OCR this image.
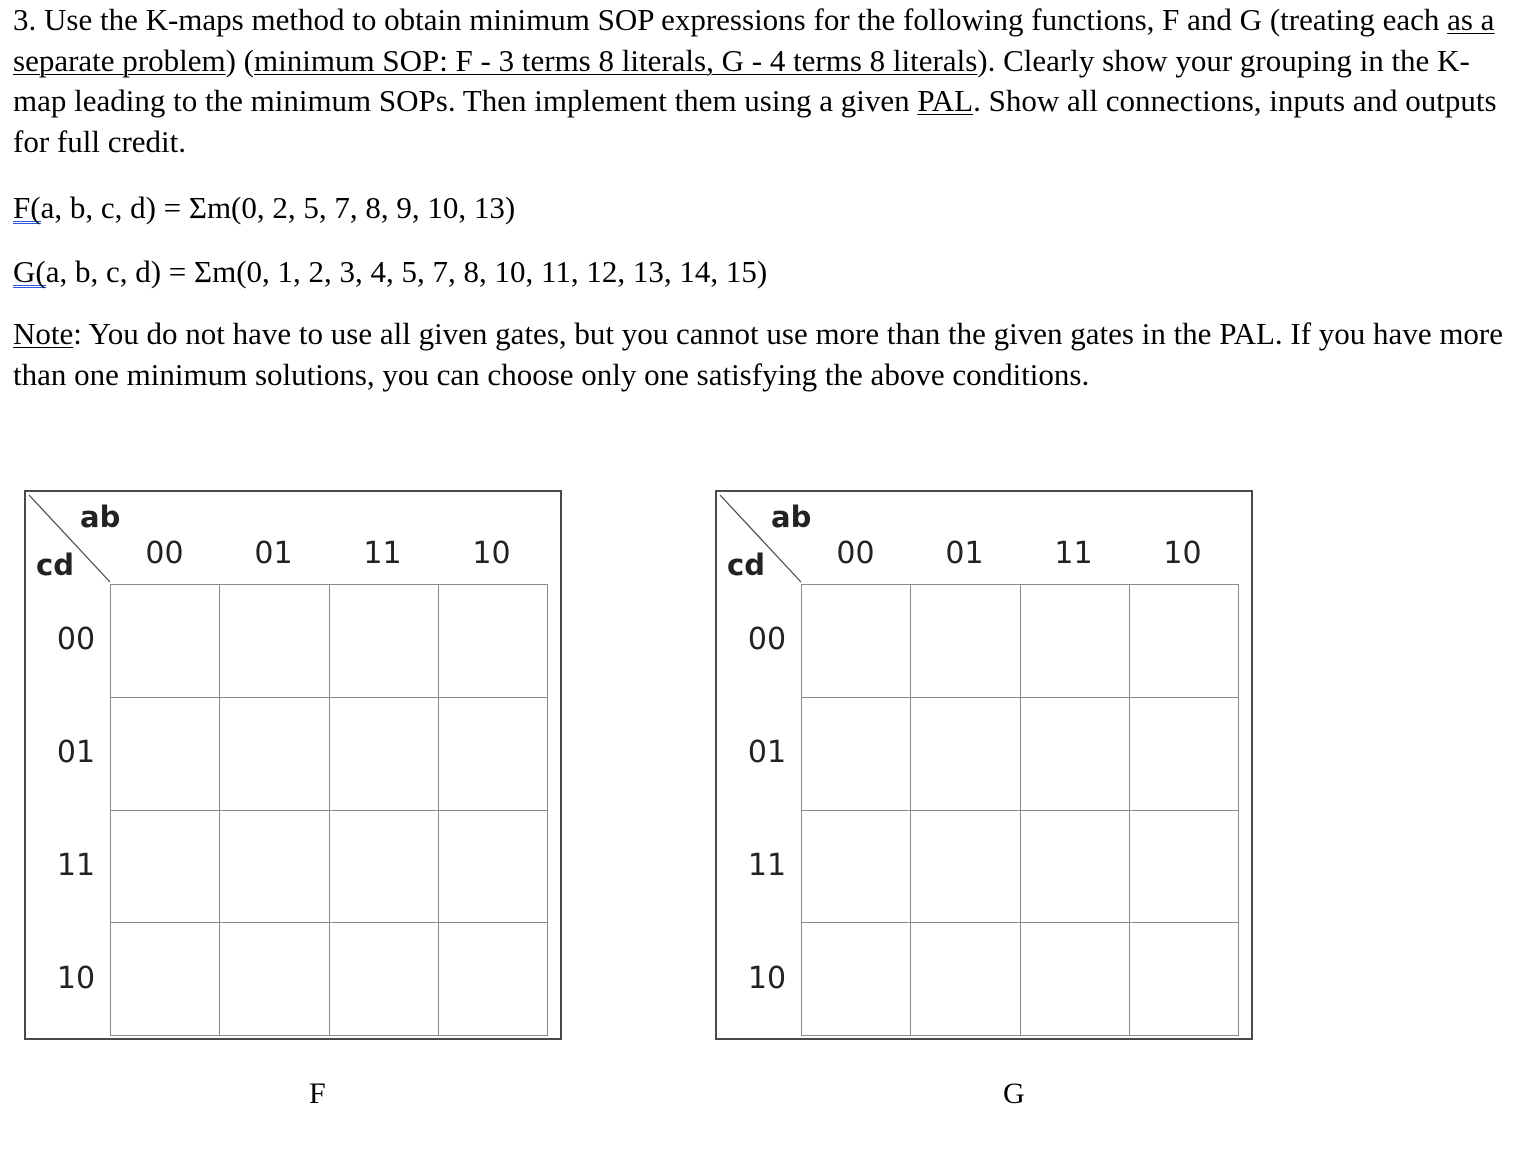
3. Use the K-maps method to obtain minimum SOP expressions for the following functions, F and G (treating each as a separate problem) (minimum SOP: F - 3 terms 8 literals, G - 4 terms 8 literals). Clearly show your grouping in the K-map leading to the minimum SOPs. Then implement them using a given PAL. Show all connections, inputs and outputs for full credit.

F(a, b, c, d) = Σm(0, 2, 5, 7, 8, 9, 10, 13)

G(a, b, c, d) = Σm(0, 1, 2, 3, 4, 5, 7, 8, 10, 11, 12, 13, 14, 15)

Note: You do not have to use all given gates, but you cannot use more than the given gates in the PAL. If you have more than one minimum solutions, you can choose only one satisfying the above conditions.

ab
cd	00	01	11	10
00
01
11
10
ab
cd	00	01	11	10
00
01
11
10
F	G
